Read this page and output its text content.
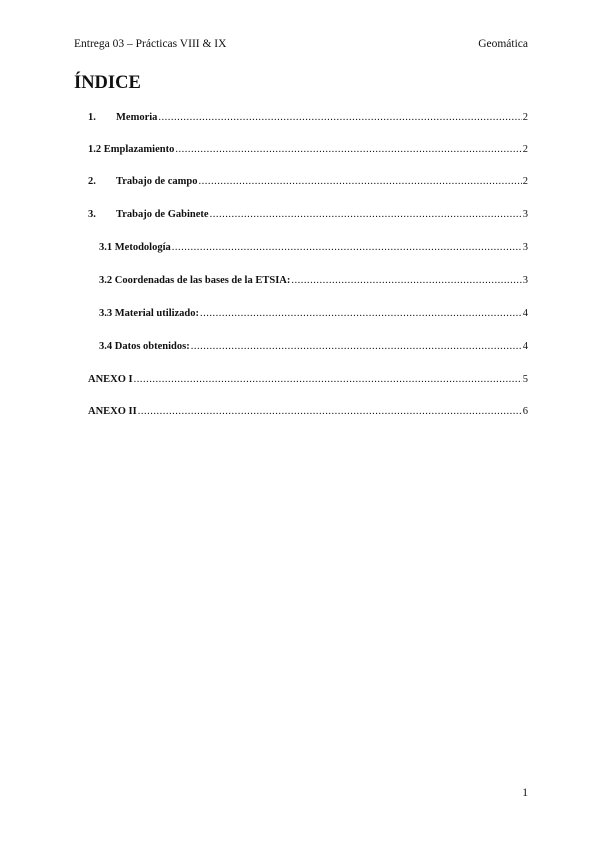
Entrega 03 – Prácticas VIII & IX	Geomática
ÍNDICE
1.	Memoria .....	2
1.2 Emplazamiento .....	2
2.	Trabajo de campo .....	2
3.	Trabajo de Gabinete .....	3
3.1 Metodología .....	3
3.2 Coordenadas de las bases de la ETSIA: .....	3
3.3 Material utilizado: .....	4
3.4 Datos obtenidos: .....	4
ANEXO I .....	5
ANEXO II .....	6
1
